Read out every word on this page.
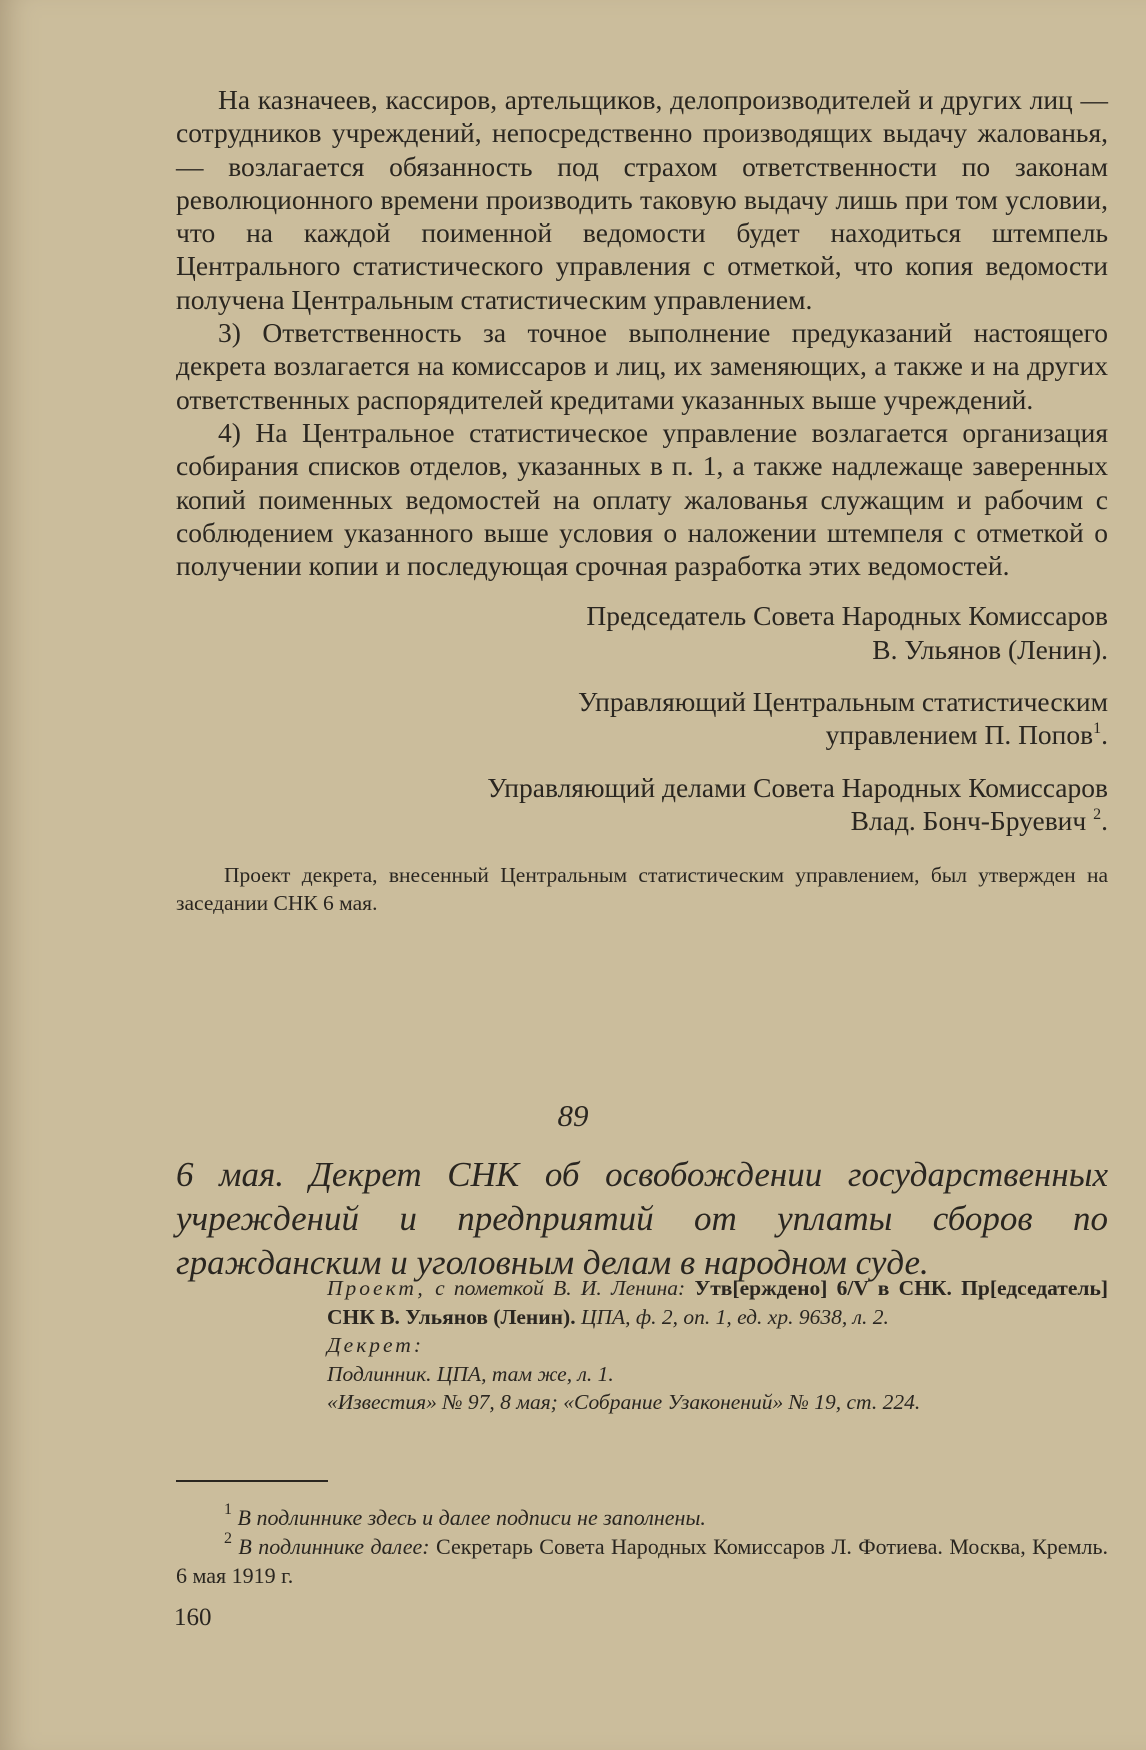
На казначеев, кассиров, артельщиков, делопроизводителей и других лиц — сотрудников учреждений, непосредственно производящих выдачу жалованья,— возлагается обязанность под страхом ответственности по законам революционного времени производить таковую выдачу лишь при том условии, что на каждой поименной ведомости будет находиться штемпель Центрального статистического управления с отметкой, что копия ведомости получена Центральным статистическим управлением.

3) Ответственность за точное выполнение предуказаний настоящего декрета возлагается на комиссаров и лиц, их заменяющих, а также и на других ответственных распорядителей кредитами указанных выше учреждений.

4) На Центральное статистическое управление возлагается организация собирания списков отделов, указанных в п. 1, а также надлежаще заверенных копий поименных ведомостей на оплату жалованья служащим и рабочим с соблюдением указанного выше условия о наложении штемпеля с отметкой о получении копии и последующая срочная разработка этих ведомостей.

Председатель Совета Народных Комиссаров
В. Ульянов (Ленин).
Управляющий Центральным статистическим
управлением П. Попов$^1$.
Управляющий делами Совета Народных Комиссаров
Влад. Бонч-Бруевич $^2$.
Проект декрета, внесенный Центральным статистическим управлением, был утвержден на заседании СНК 6 мая.
89
6 мая. Декрет СНК об освобождении государственных учреждений и предприятий от уплаты сборов по гражданским и уголовным делам в народном суде.

Проект, с пометкой В. И. Ленина: Утв[ерждено] 6/V в СНК. Пр[едседатель] СНК В. Ульянов (Ленин). ЦПА, ф. 2, оп. 1, ед. хр. 9638, л. 2.

Декрет:

Подлинник. ЦПА, там же, л. 1.

«Известия» № 97, 8 мая; «Собрание Узаконений» № 19, ст. 224.

$^1$ В подлиннике здесь и далее подписи не заполнены.

$^2$ В подлиннике далее: Секретарь Совета Народных Комиссаров Л. Фотиева. Москва, Кремль. 6 мая 1919 г.

160
